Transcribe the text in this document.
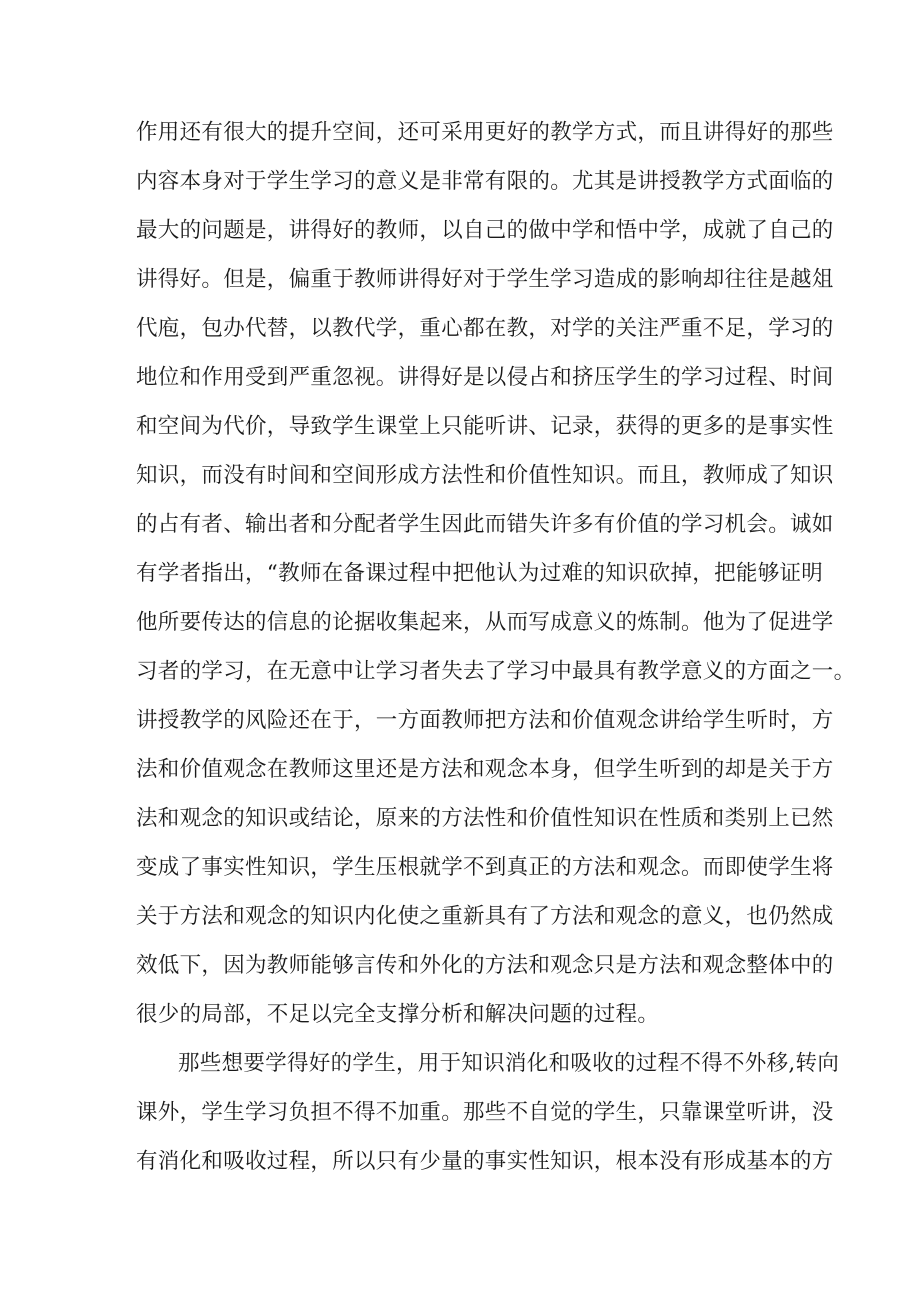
作用还有很大的提升空间，还可采用更好的教学方式，而且讲得好的那些
内容本身对于学生学习的意义是非常有限的。尤其是讲授教学方式面临的
最大的问题是，讲得好的教师，以自己的做中学和悟中学，成就了自己的
讲得好。但是，偏重于教师讲得好对于学生学习造成的影响却往往是越俎
代庖，包办代替，以教代学，重心都在教，对学的关注严重不足，学习的
地位和作用受到严重忽视。讲得好是以侵占和挤压学生的学习过程、时间
和空间为代价，导致学生课堂上只能听讲、记录，获得的更多的是事实性
知识，而没有时间和空间形成方法性和价值性知识。而且，教师成了知识
的占有者、输出者和分配者学生因此而错失许多有价值的学习机会。诚如
有学者指出，“教师在备课过程中把他认为过难的知识砍掉，把能够证明
他所要传达的信息的论据收集起来，从而写成意义的炼制。他为了促进学
习者的学习，在无意中让学习者失去了学习中最具有教学意义的方面之一。
讲授教学的风险还在于，一方面教师把方法和价值观念讲给学生听时，方
法和价值观念在教师这里还是方法和观念本身，但学生听到的却是关于方
法和观念的知识或结论，原来的方法性和价值性知识在性质和类别上已然
变成了事实性知识，学生压根就学不到真正的方法和观念。而即使学生将
关于方法和观念的知识内化使之重新具有了方法和观念的意义，也仍然成
效低下，因为教师能够言传和外化的方法和观念只是方法和观念整体中的
很少的局部，不足以完全支撑分析和解决问题的过程。
那些想要学得好的学生，用于知识消化和吸收的过程不得不外移,转向
课外，学生学习负担不得不加重。那些不自觉的学生，只靠课堂听讲，没
有消化和吸收过程，所以只有少量的事实性知识，根本没有形成基本的方
